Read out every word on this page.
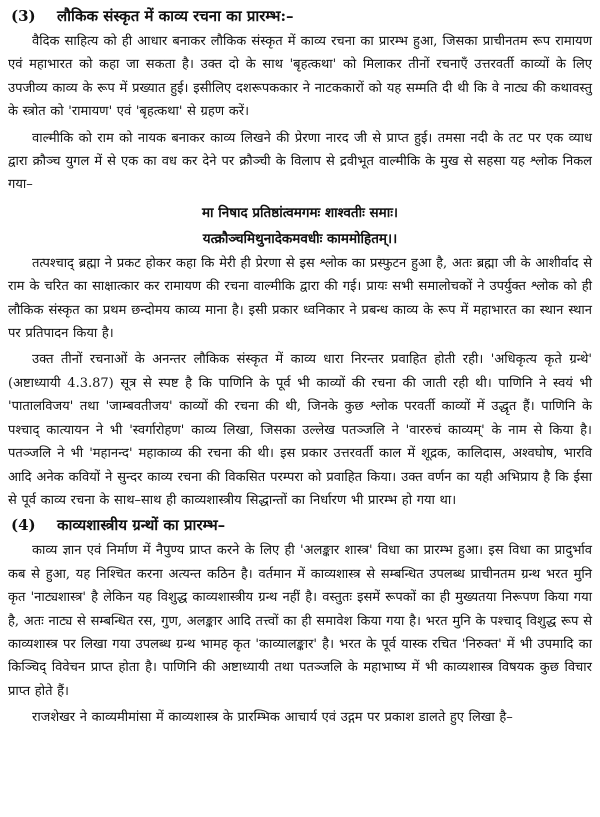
(3)	लौकिक संस्कृत में काव्य रचना का प्रारम्भ:–

वैदिक साहित्य को ही आधार बनाकर लौकिक संस्कृत में काव्य रचना का प्रारम्भ हुआ, जिसका प्राचीनतम रूप रामायण एवं महाभारत को कहा जा सकता है। उक्त दो के साथ 'बृहत्कथा' को मिलाकर तीनों रचनाएँ उत्तरवर्ती काव्यों के लिए उपजीव्य काव्य के रूप में प्रख्यात हुई। इसीलिए दशरूपककार ने नाटककारों को यह सम्मति दी थी कि वे नाट्य की कथावस्तु के स्त्रोत को 'रामायण' एवं 'बृहत्कथा' से ग्रहण करें।

वाल्मीकि को राम को नायक बनाकर काव्य लिखने की प्रेरणा नारद जी से प्राप्त हुई। तमसा नदी के तट पर एक व्याध द्वारा क्रौञ्च युगल में से एक का वध कर देने पर क्रौञ्ची के विलाप से द्रवीभूत वाल्मीकि के मुख से सहसा यह श्लोक निकल गया–

मा निषाद प्रतिष्ठांत्वमगमः शाश्वतीः समाः।

यत्क्रौञ्चमिथुनादेकमवधीः काममोहितम्।।

तत्पश्चाद् ब्रह्मा ने प्रकट होकर कहा कि मेरी ही प्रेरणा से इस श्लोक का प्रस्फुटन हुआ है, अतः ब्रह्मा जी के आशीर्वाद से राम के चरित का साक्षात्कार कर रामायण की रचना वाल्मीकि द्वारा की गई। प्रायः सभी समालोचकों ने उपर्युक्त श्लोक को ही लौकिक संस्कृत का प्रथम छन्दोमय काव्य माना है। इसी प्रकार ध्वनिकार ने प्रबन्ध काव्य के रूप में महाभारत का स्थान स्थान पर प्रतिपादन किया है।

उक्त तीनों रचनाओं के अनन्तर लौकिक संस्कृत में काव्य धारा निरन्तर प्रवाहित होती रही। 'अधिकृत्य कृते ग्रन्थे' (अष्टाध्यायी 4.3.87) सूत्र से स्पष्ट है कि पाणिनि के पूर्व भी काव्यों की रचना की जाती रही थी। पाणिनि ने स्वयं भी 'पातालविजय' तथा 'जाम्बवतीजय' काव्यों की रचना की थी, जिनके कुछ श्लोक परवर्ती काव्यों में उद्धृत हैं। पाणिनि के पश्चाद् कात्यायन ने भी 'स्वर्गारोहण' काव्य लिखा, जिसका उल्लेख पतञ्जलि ने 'वाररुचं काव्यम्' के नाम से किया है। पतञ्जलि ने भी 'महानन्द' महाकाव्य की रचना की थी। इस प्रकार उत्तरवर्ती काल में शूद्रक, कालिदास, अश्वघोष, भारवि आदि अनेक कवियों ने सुन्दर काव्य रचना की विकसित परम्परा को प्रवाहित किया। उक्त वर्णन का यही अभिप्राय है कि ईसा से पूर्व काव्य रचना के साथ–साथ ही काव्यशास्त्रीय सिद्धान्तों का निर्धारण भी प्रारम्भ हो गया था।

(4)	काव्यशास्त्रीय ग्रन्थों का प्रारम्भ–

काव्य ज्ञान एवं निर्माण में नैपुण्य प्राप्त करने के लिए ही 'अलङ्कार शास्त्र' विधा का प्रारम्भ हुआ। इस विधा का प्रादुर्भाव कब से हुआ, यह निश्चित करना अत्यन्त कठिन है। वर्तमान में काव्यशास्त्र से सम्बन्धित उपलब्ध प्राचीनतम ग्रन्थ भरत मुनि कृत 'नाट्यशास्त्र' है लेकिन यह विशुद्ध काव्यशास्त्रीय ग्रन्थ नहीं है। वस्तुतः इसमें रूपकों का ही मुख्यतया निरूपण किया गया है, अतः नाट्य से सम्बन्धित रस, गुण, अलङ्कार आदि तत्त्वों का ही समावेश किया गया है। भरत मुनि के पश्चाद् विशुद्ध रूप से काव्यशास्त्र पर लिखा गया उपलब्ध ग्रन्थ भामह कृत 'काव्यालङ्कार' है। भरत के पूर्व यास्क रचित 'निरुक्त' में भी उपमादि का किञ्चिद् विवेचन प्राप्त होता है। पाणिनि की अष्टाध्यायी तथा पतञ्जलि के महाभाष्य में भी काव्यशास्त्र विषयक कुछ विचार प्राप्त होते हैं।

राजशेखर ने काव्यमीमांसा में काव्यशास्त्र के प्रारम्भिक आचार्य एवं उद्गम पर प्रकाश डालते हुए लिखा है–
